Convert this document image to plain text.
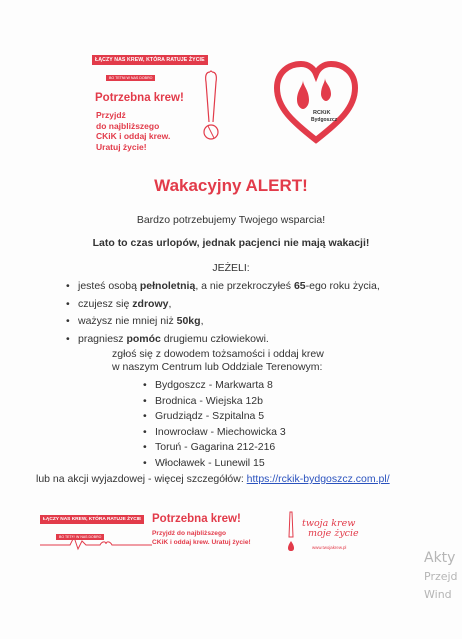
ŁĄCZY NAS KREW, KTÓRA RATUJE ŻYCIE
BO TETNI W NAS DOBRO
Potrzebna krew!
Przyjdź
do najbliższego
CKiK i oddaj krew.
Uratuj życie!
RCKiK
Bydgoszcz
Wakacyjny ALERT!
Bardzo potrzebujemy Twojego wsparcia!
Lato to czas urlopów, jednak pacjenci nie mają wakacji!
JEŻELI:
• jesteś osobą pełnoletnią, a nie przekroczyłeś 65-ego roku życia,
• czujesz się zdrowy,
• ważysz nie mniej niż 50kg,
• pragniesz pomóc drugiemu człowiekowi.
zgłoś się z dowodem tożsamości i oddaj krew
w naszym Centrum lub Oddziale Terenowym:
• Bydgoszcz - Markwarta 8
• Brodnica - Wiejska 12b
• Grudziądz - Szpitalna 5
• Inowrocław - Miechowicka 3
• Toruń - Gagarina 212-216
• Włocławek - Lunewil 15
lub na akcji wyjazdowej - więcej szczegółów: https://rckik-bydgoszcz.com.pl/
ŁĄCZY NAS KREW, KTÓRA RATUJE ŻYCIE
BO TETNI W NAS DOBRO
Potrzebna krew!
Przyjdź do najbliższego
CKiK i oddaj krew. Uratuj życie!
twoja krew
moje życie
www.twojakrew.pl
Akty
Przejd
Wind
